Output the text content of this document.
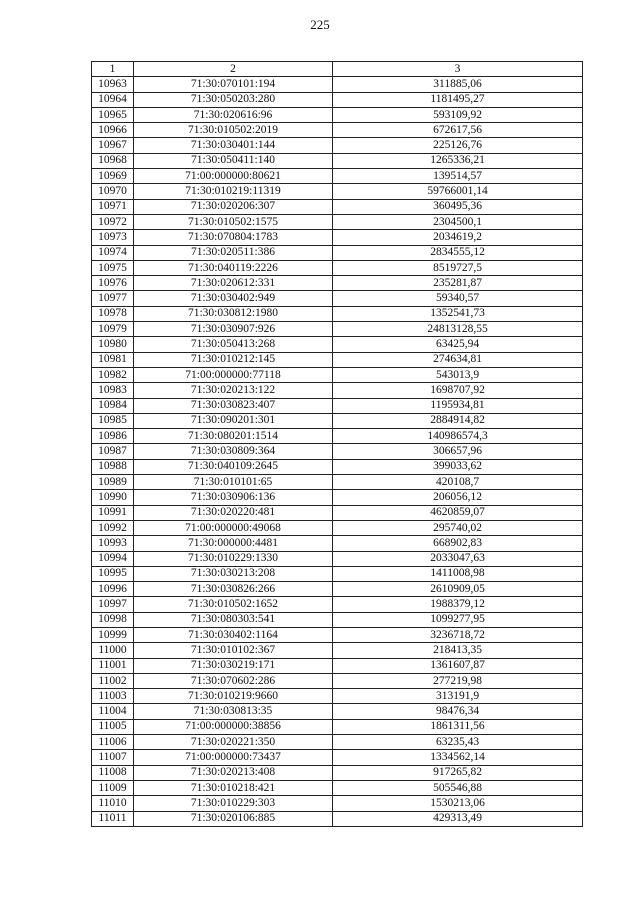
225
1	2	3
10963	71:30:070101:194	311885,06
10964	71:30:050203:280	1181495,27
10965	71:30:020616:96	593109,92
10966	71:30:010502:2019	672617,56
10967	71:30:030401:144	225126,76
10968	71:30:050411:140	1265336,21
10969	71:00:000000:80621	139514,57
10970	71:30:010219:11319	59766001,14
10971	71:30:020206:307	360495,36
10972	71:30:010502:1575	2304500,1
10973	71:30:070804:1783	2034619,2
10974	71:30:020511:386	2834555,12
10975	71:30:040119:2226	8519727,5
10976	71:30:020612:331	235281,87
10977	71:30:030402:949	59340,57
10978	71:30:030812:1980	1352541,73
10979	71:30:030907:926	24813128,55
10980	71:30:050413:268	63425,94
10981	71:30:010212:145	274634,81
10982	71:00:000000:77118	543013,9
10983	71:30:020213:122	1698707,92
10984	71:30:030823:407	1195934,81
10985	71:30:090201:301	2884914,82
10986	71:30:080201:1514	140986574,3
10987	71:30:030809:364	306657,96
10988	71:30:040109:2645	399033,62
10989	71:30:010101:65	420108,7
10990	71:30:030906:136	206056,12
10991	71:30:020220:481	4620859,07
10992	71:00:000000:49068	295740,02
10993	71:30:000000:4481	668902,83
10994	71:30:010229:1330	2033047,63
10995	71:30:030213:208	1411008,98
10996	71:30:030826:266	2610909,05
10997	71:30:010502:1652	1988379,12
10998	71:30:080303:541	1099277,95
10999	71:30:030402:1164	3236718,72
11000	71:30:010102:367	218413,35
11001	71:30:030219:171	1361607,87
11002	71:30:070602:286	277219,98
11003	71:30:010219:9660	313191,9
11004	71:30:030813:35	98476,34
11005	71:00:000000:38856	1861311,56
11006	71:30:020221:350	63235,43
11007	71:00:000000:73437	1334562,14
11008	71:30:020213:408	917265,82
11009	71:30:010218:421	505546,88
11010	71:30:010229:303	1530213,06
11011	71:30:020106:885	429313,49
